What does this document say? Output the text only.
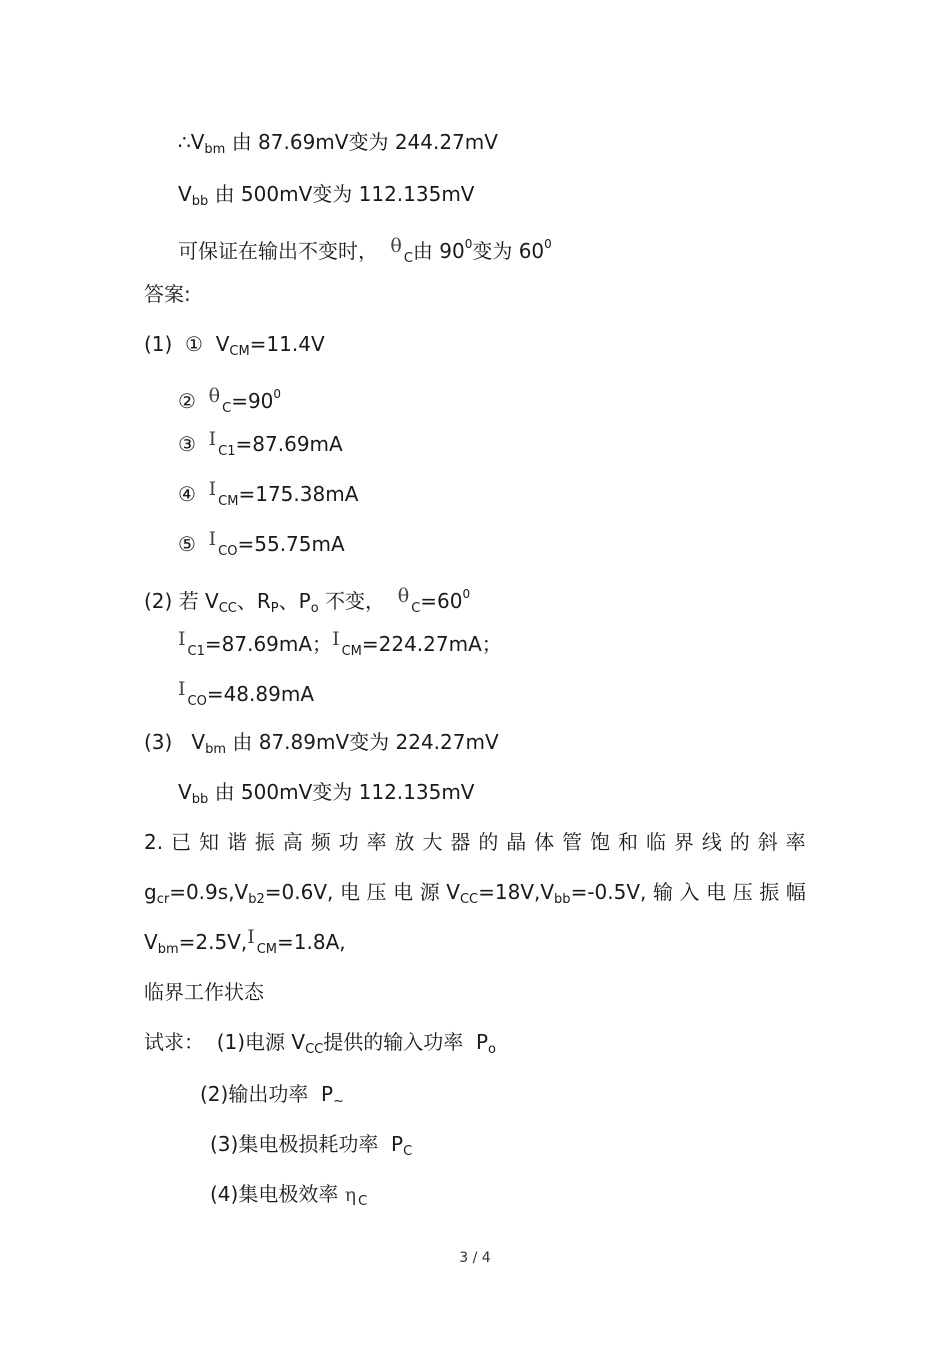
$\therefore V_{bm}$ 由 87.69mV变为 244.27mV
$V_{bb}$ 由 500mV变为 112.135mV
可保证在输出不变时， $\theta_C$由 $90^0$变为 $60^0$
答案:
(1)  ①  $V_{CM}=11.4V$
②  $\theta_C=90^0$
③  $I_{C1}=87.69mA$
④  $I_{CM}=175.38mA$
⑤  $I_{CO}=55.75mA$
(2) 若 $V_{CC}$、$R_P$、$P_o$ 不变，  $\theta_C=60^0$
$I_{C1}=87.69mA$；$I_{CM}=224.27mA$；
$I_{CO}=48.89mA$
(3)   $V_{bm}$ 由 87.89mV变为 224.27mV
$V_{bb}$ 由 500mV变为 112.135mV
2. 已 知 谐 振 高 频 功 率 放 大 器 的 晶 体 管 饱 和 临 界 线 的 斜 率
$g_{cr}=0.9s,V_{b2}=0.6V$, 电 压 电 源 $V_{CC}=18V,V_{bb}=-0.5V$, 输 入 电 压 振 幅
$V_{bm}=2.5V,I_{CM}=1.8A$,
临界工作状态
试求：  (1)电源 $V_{CC}$提供的输入功率  $P_o$
(2)输出功率  $P_\sim$
(3)集电极损耗功率  $P_C$
(4)集电极效率 η $_C$
3 / 4
